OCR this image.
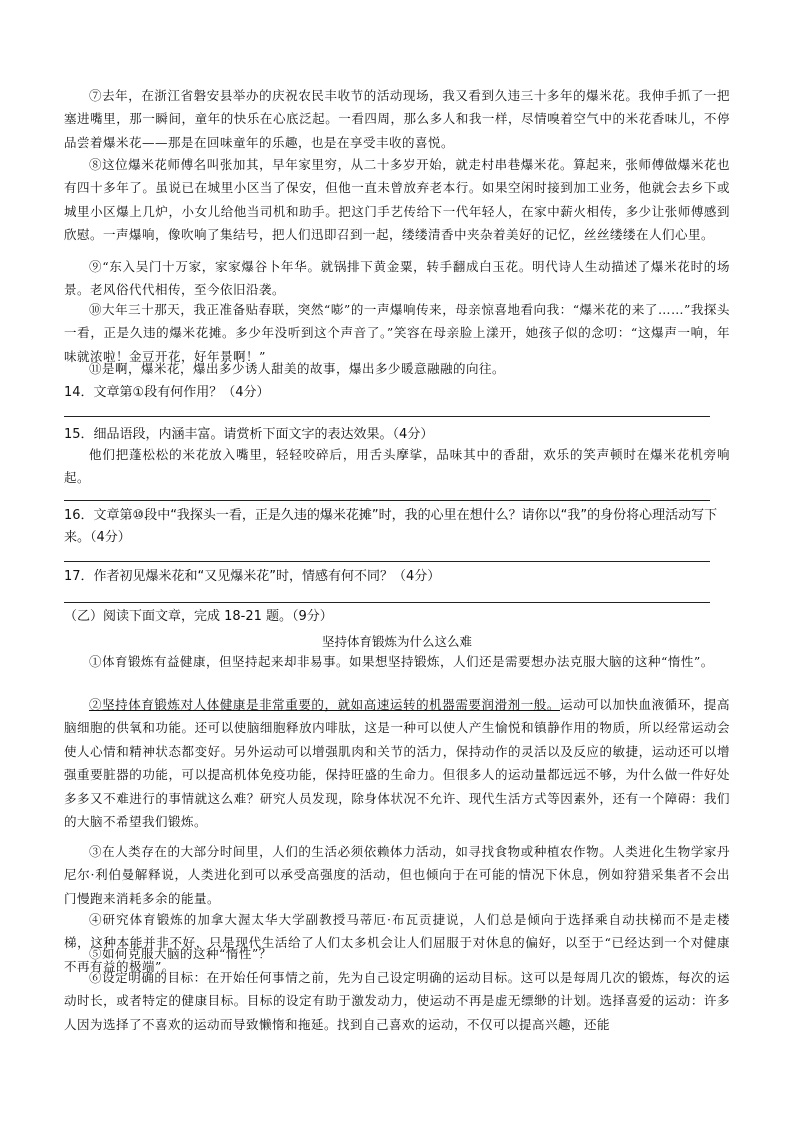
⑦去年，在浙江省磐安县举办的庆祝农民丰收节的活动现场，我又看到久违三十多年的爆米花。我伸手抓了一把塞进嘴里，那一瞬间，童年的快乐在心底泛起。一看四周，那么多人和我一样，尽情嗅着空气中的米花香味儿，不停品尝着爆米花——那是在回味童年的乐趣，也是在享受丰收的喜悦。

⑧这位爆米花师傅名叫张加其，早年家里穷，从二十多岁开始，就走村串巷爆米花。算起来，张师傅做爆米花也有四十多年了。虽说已在城里小区当了保安，但他一直未曾放弃老本行。如果空闲时接到加工业务，他就会去乡下或城里小区爆上几炉，小女儿给他当司机和助手。把这门手艺传给下一代年轻人，在家中薪火相传，多少让张师傅感到欣慰。一声爆响，像吹响了集结号，把人们迅即召到一起，缕缕清香中夹杂着美好的记忆，丝丝缕缕在人们心里。

⑨“东入吴门十万家，家家爆谷卜年华。就锅排下黄金粟，转手翻成白玉花。明代诗人生动描述了爆米花时的场景。老风俗代代相传，至今依旧沿袭。

⑩大年三十那天，我正准备贴春联，突然“嘭”的一声爆响传来，母亲惊喜地看向我：“爆米花的来了……”我探头一看，正是久违的爆米花摊。多少年没听到这个声音了。”笑容在母亲脸上漾开，她孩子似的念叨：“这爆声一响，年味就浓啦！金豆开花，好年景啊！”

⑪是啊，爆米花，爆出多少诱人甜美的故事，爆出多少暖意融融的向往。

14．文章第①段有何作用？（4分）

15．细品语段，内涵丰富。请赏析下面文字的表达效果。（4分）

他们把蓬松松的米花放入嘴里，轻轻咬碎后，用舌头摩挲，品味其中的香甜，欢乐的笑声顿时在爆米花机旁响起。

16．文章第⑩段中“我探头一看，正是久违的爆米花摊”时，我的心里在想什么？请你以“我”的身份将心理活动写下来。（4分）

17．作者初见爆米花和“又见爆米花”时，情感有何不同？（4分）

（乙）阅读下面文章，完成 18-21 题。（9分）

坚持体育锻炼为什么这么难

①体育锻炼有益健康，但坚持起来却非易事。如果想坚持锻炼，人们还是需要想办法克服大脑的这种“惰性”。

②坚持体育锻炼对人体健康是非常重要的，就如高速运转的机器需要润滑剂一般。运动可以加快血液循环，提高脑细胞的供氧和功能。还可以使脑细胞释放内啡肽，这是一种可以使人产生愉悦和镇静作用的物质，所以经常运动会使人心情和精神状态都变好。另外运动可以增强肌肉和关节的活力，保持动作的灵活以及反应的敏捷，运动还可以增强重要脏器的功能，可以提高机体免疫功能，保持旺盛的生命力。但很多人的运动量都远远不够，为什么做一件好处多多又不难进行的事情就这么难？研究人员发现，除身体状况不允许、现代生活方式等因素外，还有一个障碍：我们的大脑不希望我们锻炼。

③在人类存在的大部分时间里，人们的生活必须依赖体力活动，如寻找食物或种植农作物。人类进化生物学家丹尼尔·利伯曼解释说，人类进化到可以承受高强度的活动，但也倾向于在可能的情况下休息，例如狩猎采集者不会出门慢跑来消耗多余的能量。

④研究体育锻炼的加拿大渥太华大学副教授马蒂厄·布瓦贡捷说，人们总是倾向于选择乘自动扶梯而不是走楼梯，这种本能并非不好，只是现代生活给了人们太多机会让人们屈服于对休息的偏好，以至于“已经达到一个对健康不再有益的极端”。

⑤如何克服大脑的这种“惰性”？

⑥设定明确的目标：在开始任何事情之前，先为自己设定明确的运动目标。这可以是每周几次的锻炼，每次的运动时长，或者特定的健康目标。目标的设定有助于激发动力，使运动不再是虚无缥缈的计划。选择喜爱的运动：许多人因为选择了不喜欢的运动而导致懒惰和拖延。找到自己喜欢的运动，不仅可以提高兴趣，还能
